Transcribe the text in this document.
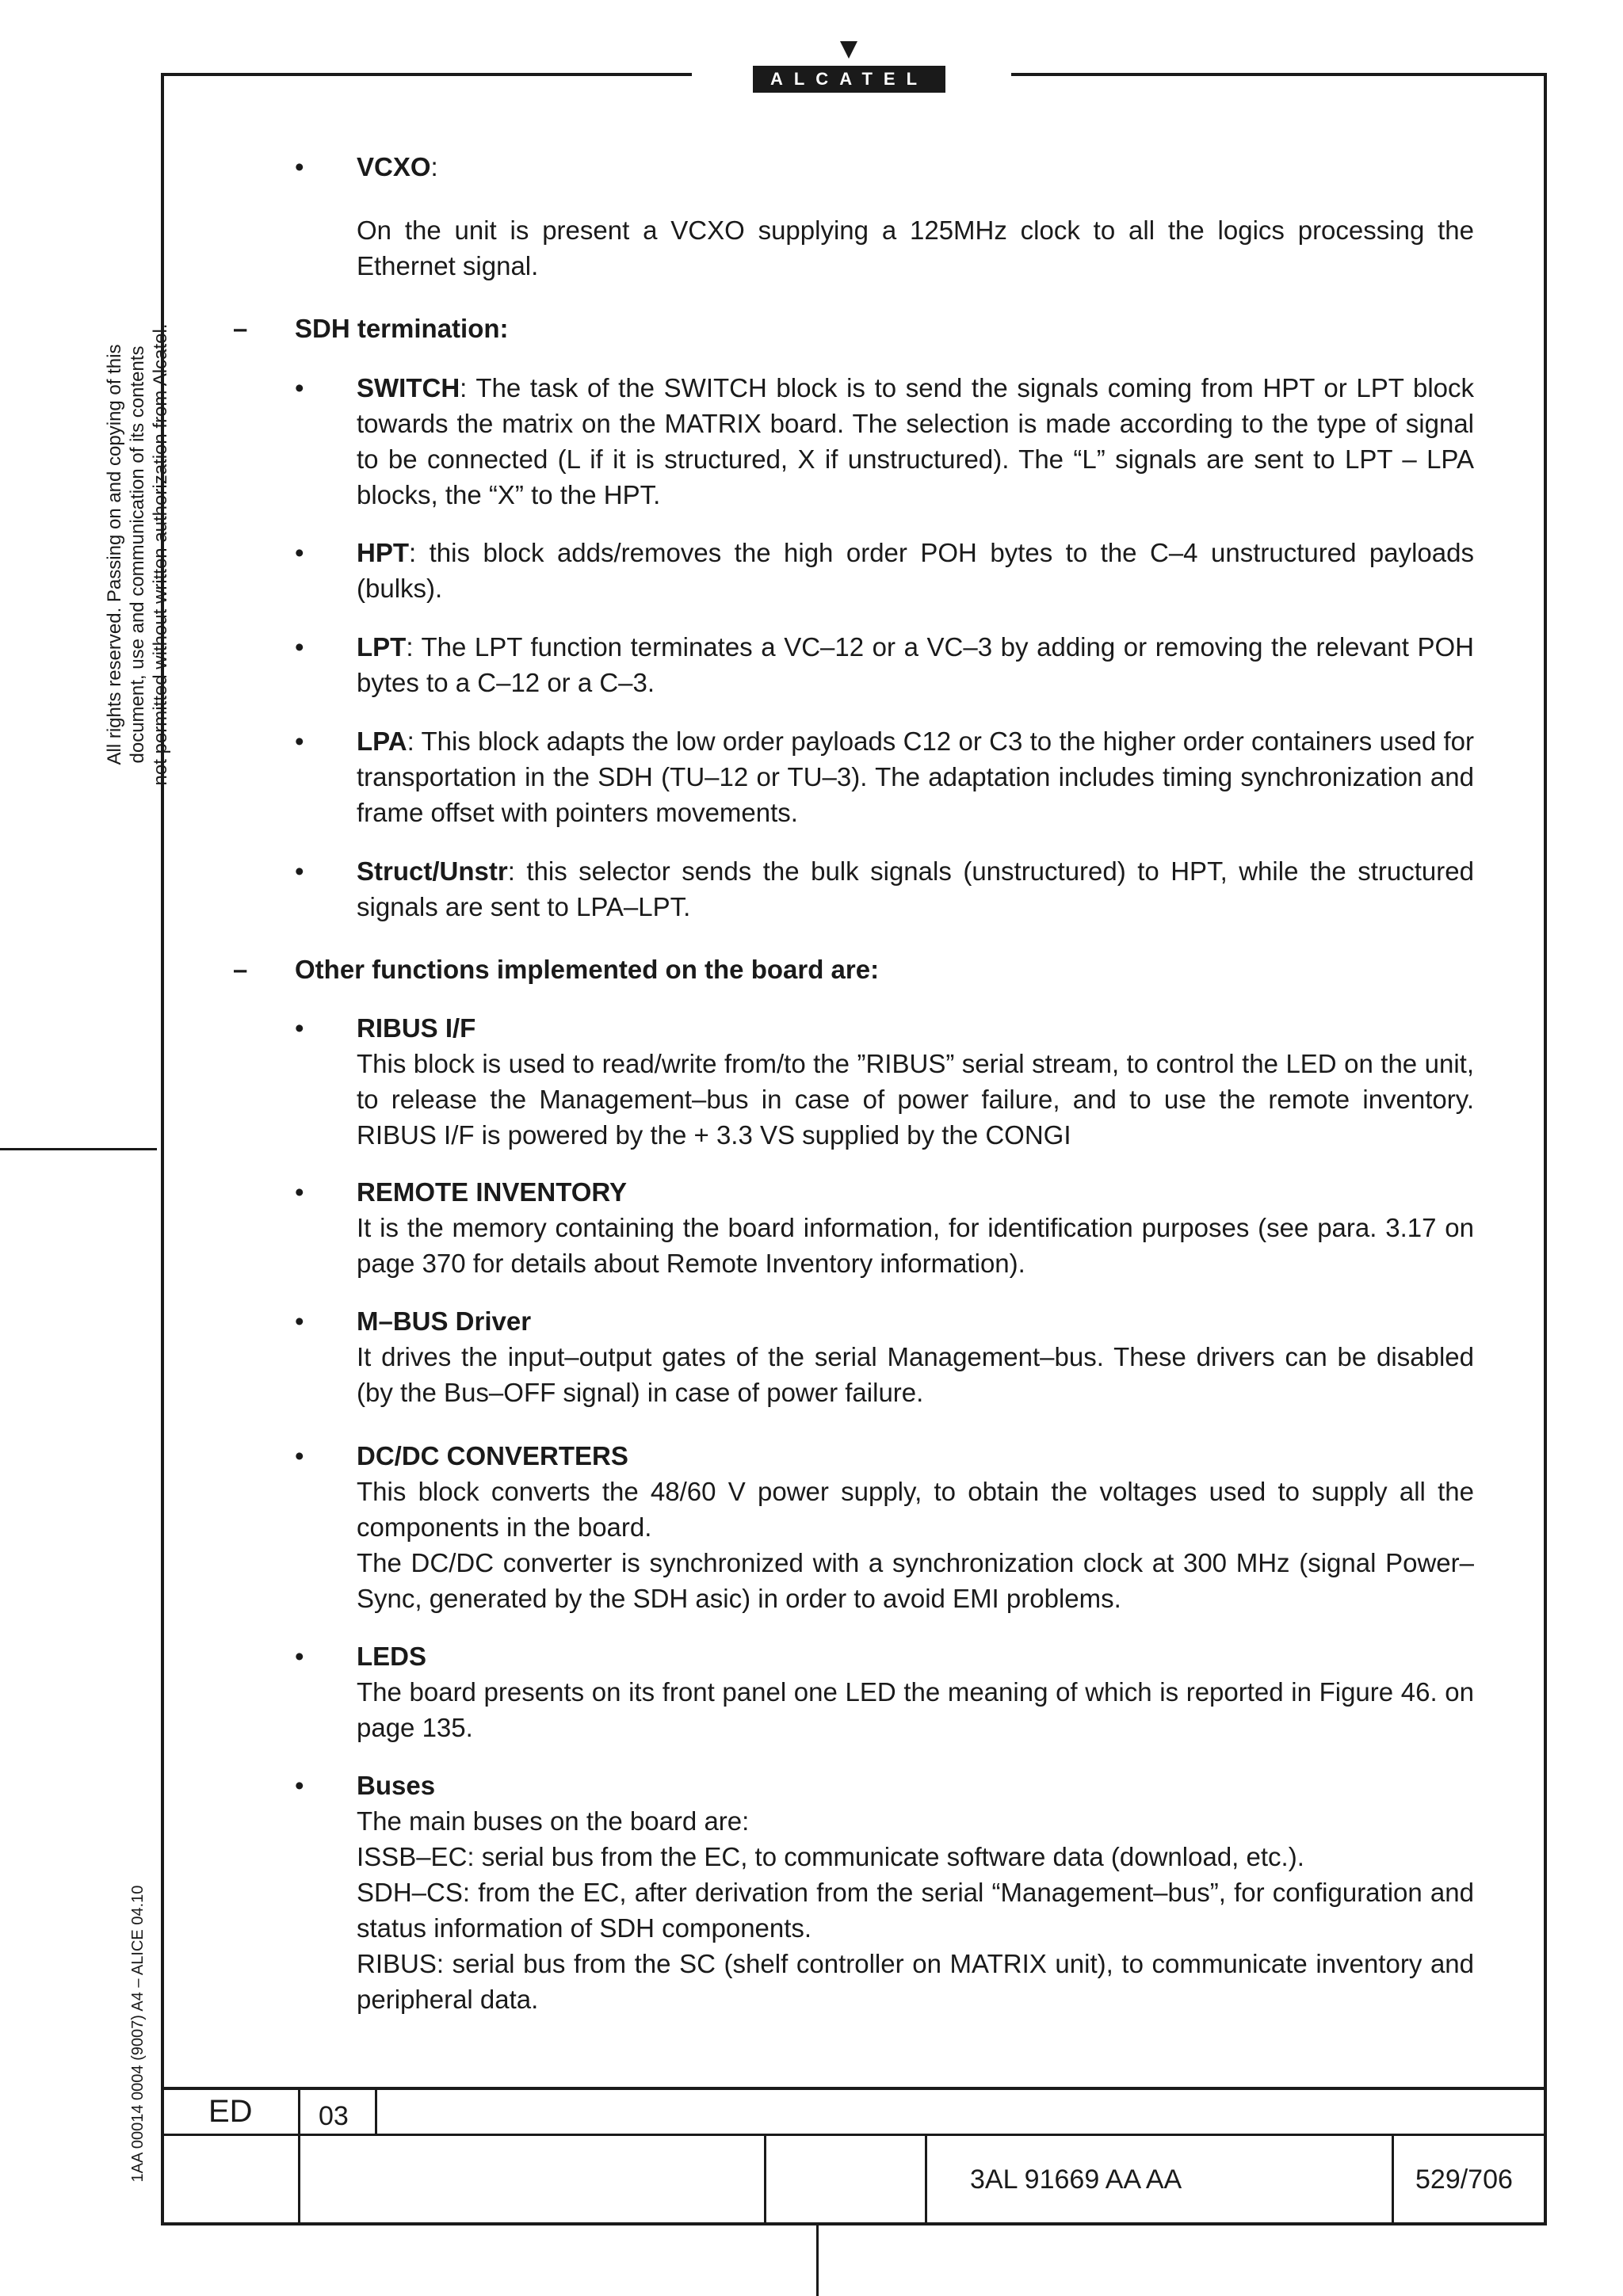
ALCATEL
All rights reserved. Passing on and copying of this document, use and communication of its contents not permitted without written authorization from Alcatel.
1AA 00014 0004 (9007) A4 – ALICE 04.10
• VCXO:
On the unit is present a VCXO supplying a 125MHz clock to all the logics processing the Ethernet signal.
– SDH termination:
• SWITCH: The task of the SWITCH block is to send the signals coming from HPT or LPT block towards the matrix on the MATRIX board. The selection is made according to the type of signal to be connected (L if it is structured, X if unstructured). The “L” signals are sent to LPT – LPA blocks, the “X” to the HPT.
• HPT: this block adds/removes the high order POH bytes to the C–4 unstructured payloads (bulks).
• LPT: The LPT function terminates a VC–12 or a VC–3 by adding or removing the relevant POH bytes to a C–12 or a C–3.
• LPA: This block adapts the low order payloads C12 or C3 to the higher order containers used for transportation in the SDH (TU–12 or TU–3). The adaptation includes timing synchronization and frame offset with pointers movements.
• Struct/Unstr: this selector sends the bulk signals (unstructured) to HPT, while the structured signals are sent to LPA–LPT.
– Other functions implemented on the board are:
• RIBUS I/F
This block is used to read/write from/to the ”RIBUS” serial stream, to control the LED on the unit, to release the Management–bus in case of power failure, and to use the remote inventory. RIBUS I/F is powered by the + 3.3 VS supplied by the CONGI
• REMOTE INVENTORY
It is the memory containing the board information, for identification purposes (see para. 3.17 on page 370 for details about Remote Inventory information).
• M–BUS Driver
It drives the input–output gates of the serial Management–bus. These drivers can be disabled (by the Bus–OFF signal) in case of power failure.
• DC/DC CONVERTERS
This block converts the 48/60 V power supply, to obtain the voltages used to supply all the components in the board.
The DC/DC converter is synchronized with a synchronization clock at 300 MHz (signal Power–Sync, generated by the SDH asic) in order to avoid EMI problems.
• LEDS
The board presents on its front panel one LED the meaning of which is reported in Figure 46. on page 135.
• Buses
The main buses on the board are:
ISSB–EC: serial bus from the EC, to communicate software data (download, etc.).
SDH–CS: from the EC, after derivation from the serial “Management–bus”, for configuration and status information of SDH components.
RIBUS: serial bus from the SC (shelf controller on MATRIX unit), to communicate inventory and peripheral data.
ED 03
3AL 91669 AA AA	529/706
